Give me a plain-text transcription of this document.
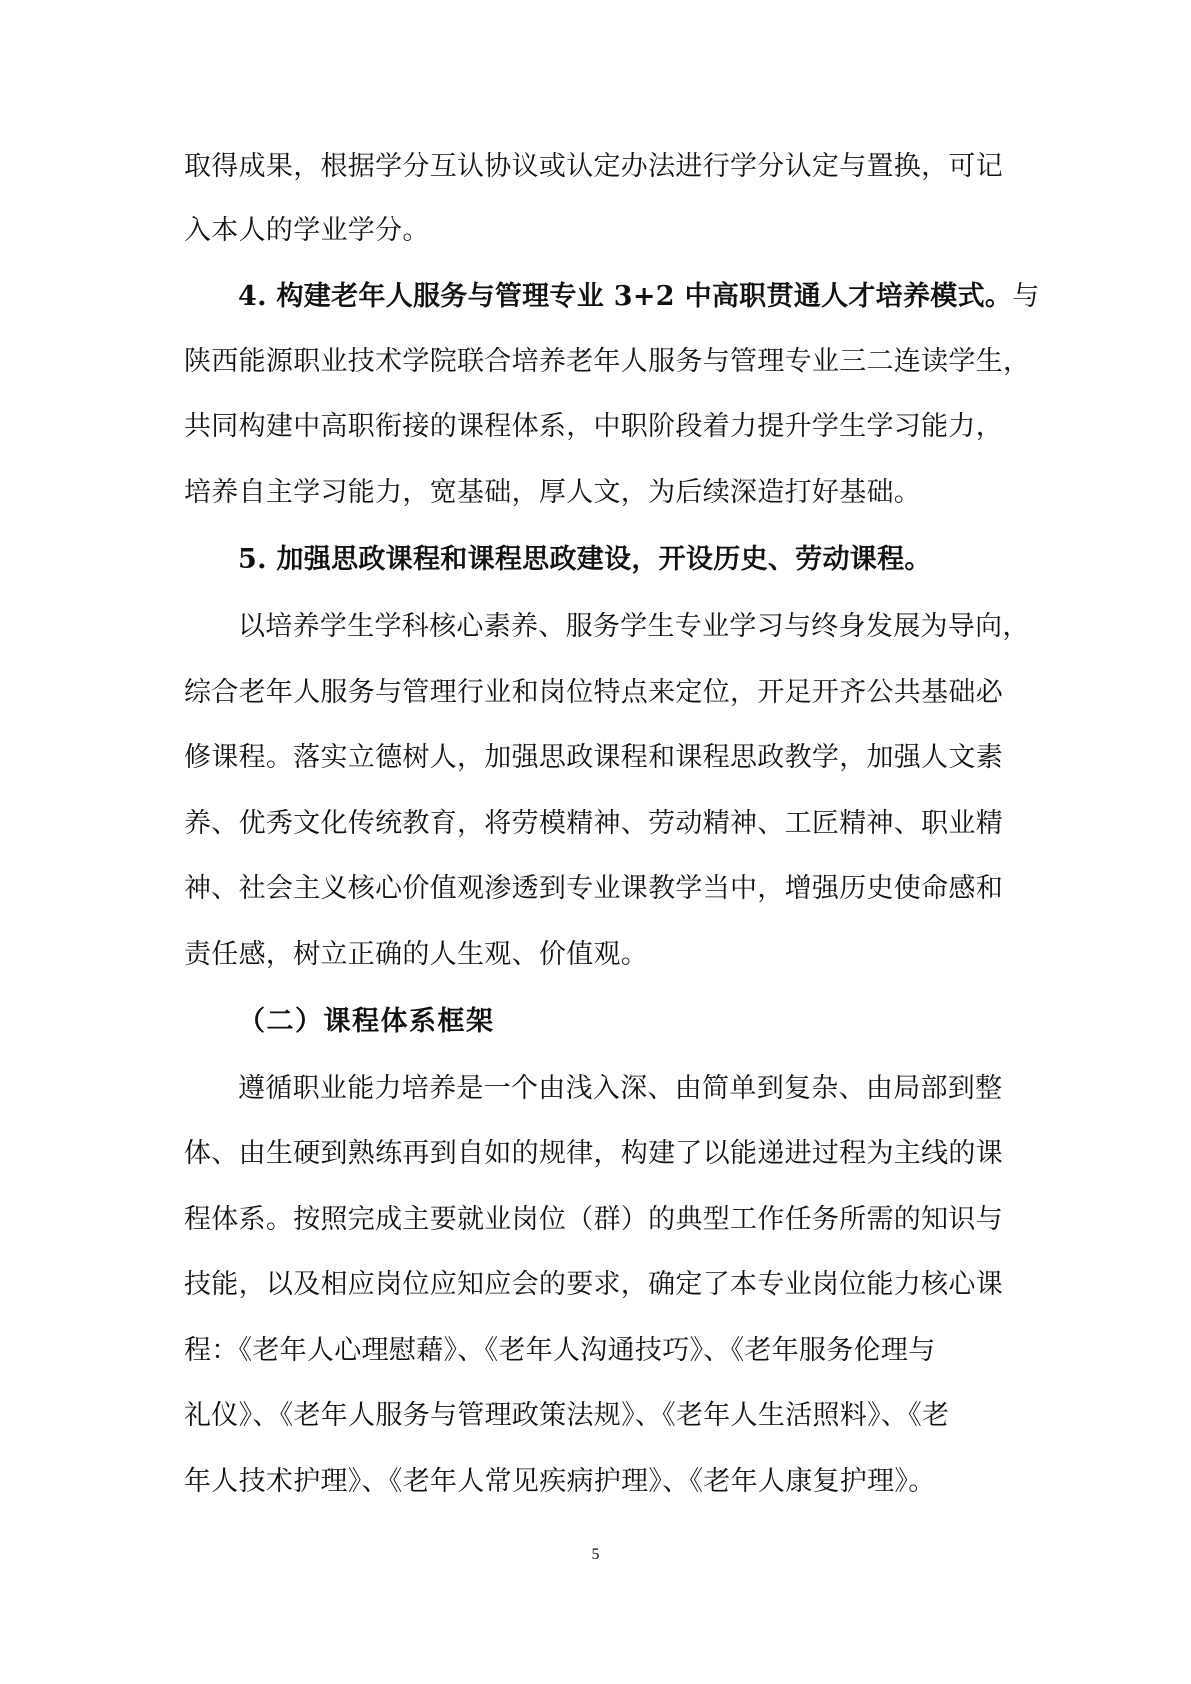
取得成果，根据学分互认协议或认定办法进行学分认定与置换，可记
入本人的学业学分。
4. 构建老年人服务与管理专业 3+2 中高职贯通人才培养模式。与
陕西能源职业技术学院联合培养老年人服务与管理专业三二连读学生，
共同构建中高职衔接的课程体系，中职阶段着力提升学生学习能力，
培养自主学习能力，宽基础，厚人文，为后续深造打好基础。
5. 加强思政课程和课程思政建设，开设历史、劳动课程。
以培养学生学科核心素养、服务学生专业学习与终身发展为导向，
综合老年人服务与管理行业和岗位特点来定位，开足开齐公共基础必
修课程。落实立德树人，加强思政课程和课程思政教学，加强人文素
养、优秀文化传统教育，将劳模精神、劳动精神、工匠精神、职业精
神、社会主义核心价值观渗透到专业课教学当中，增强历史使命感和
责任感，树立正确的人生观、价值观。
（二）课程体系框架
遵循职业能力培养是一个由浅入深、由简单到复杂、由局部到整
体、由生硬到熟练再到自如的规律，构建了以能递进过程为主线的课
程体系。按照完成主要就业岗位（群）的典型工作任务所需的知识与
技能，以及相应岗位应知应会的要求，确定了本专业岗位能力核心课
程：《老年人心理慰藉》、《老年人沟通技巧》、《老年服务伦理与
礼仪》、《老年人服务与管理政策法规》、《老年人生活照料》、《老
年人技术护理》、《老年人常见疾病护理》、《老年人康复护理》。
5
